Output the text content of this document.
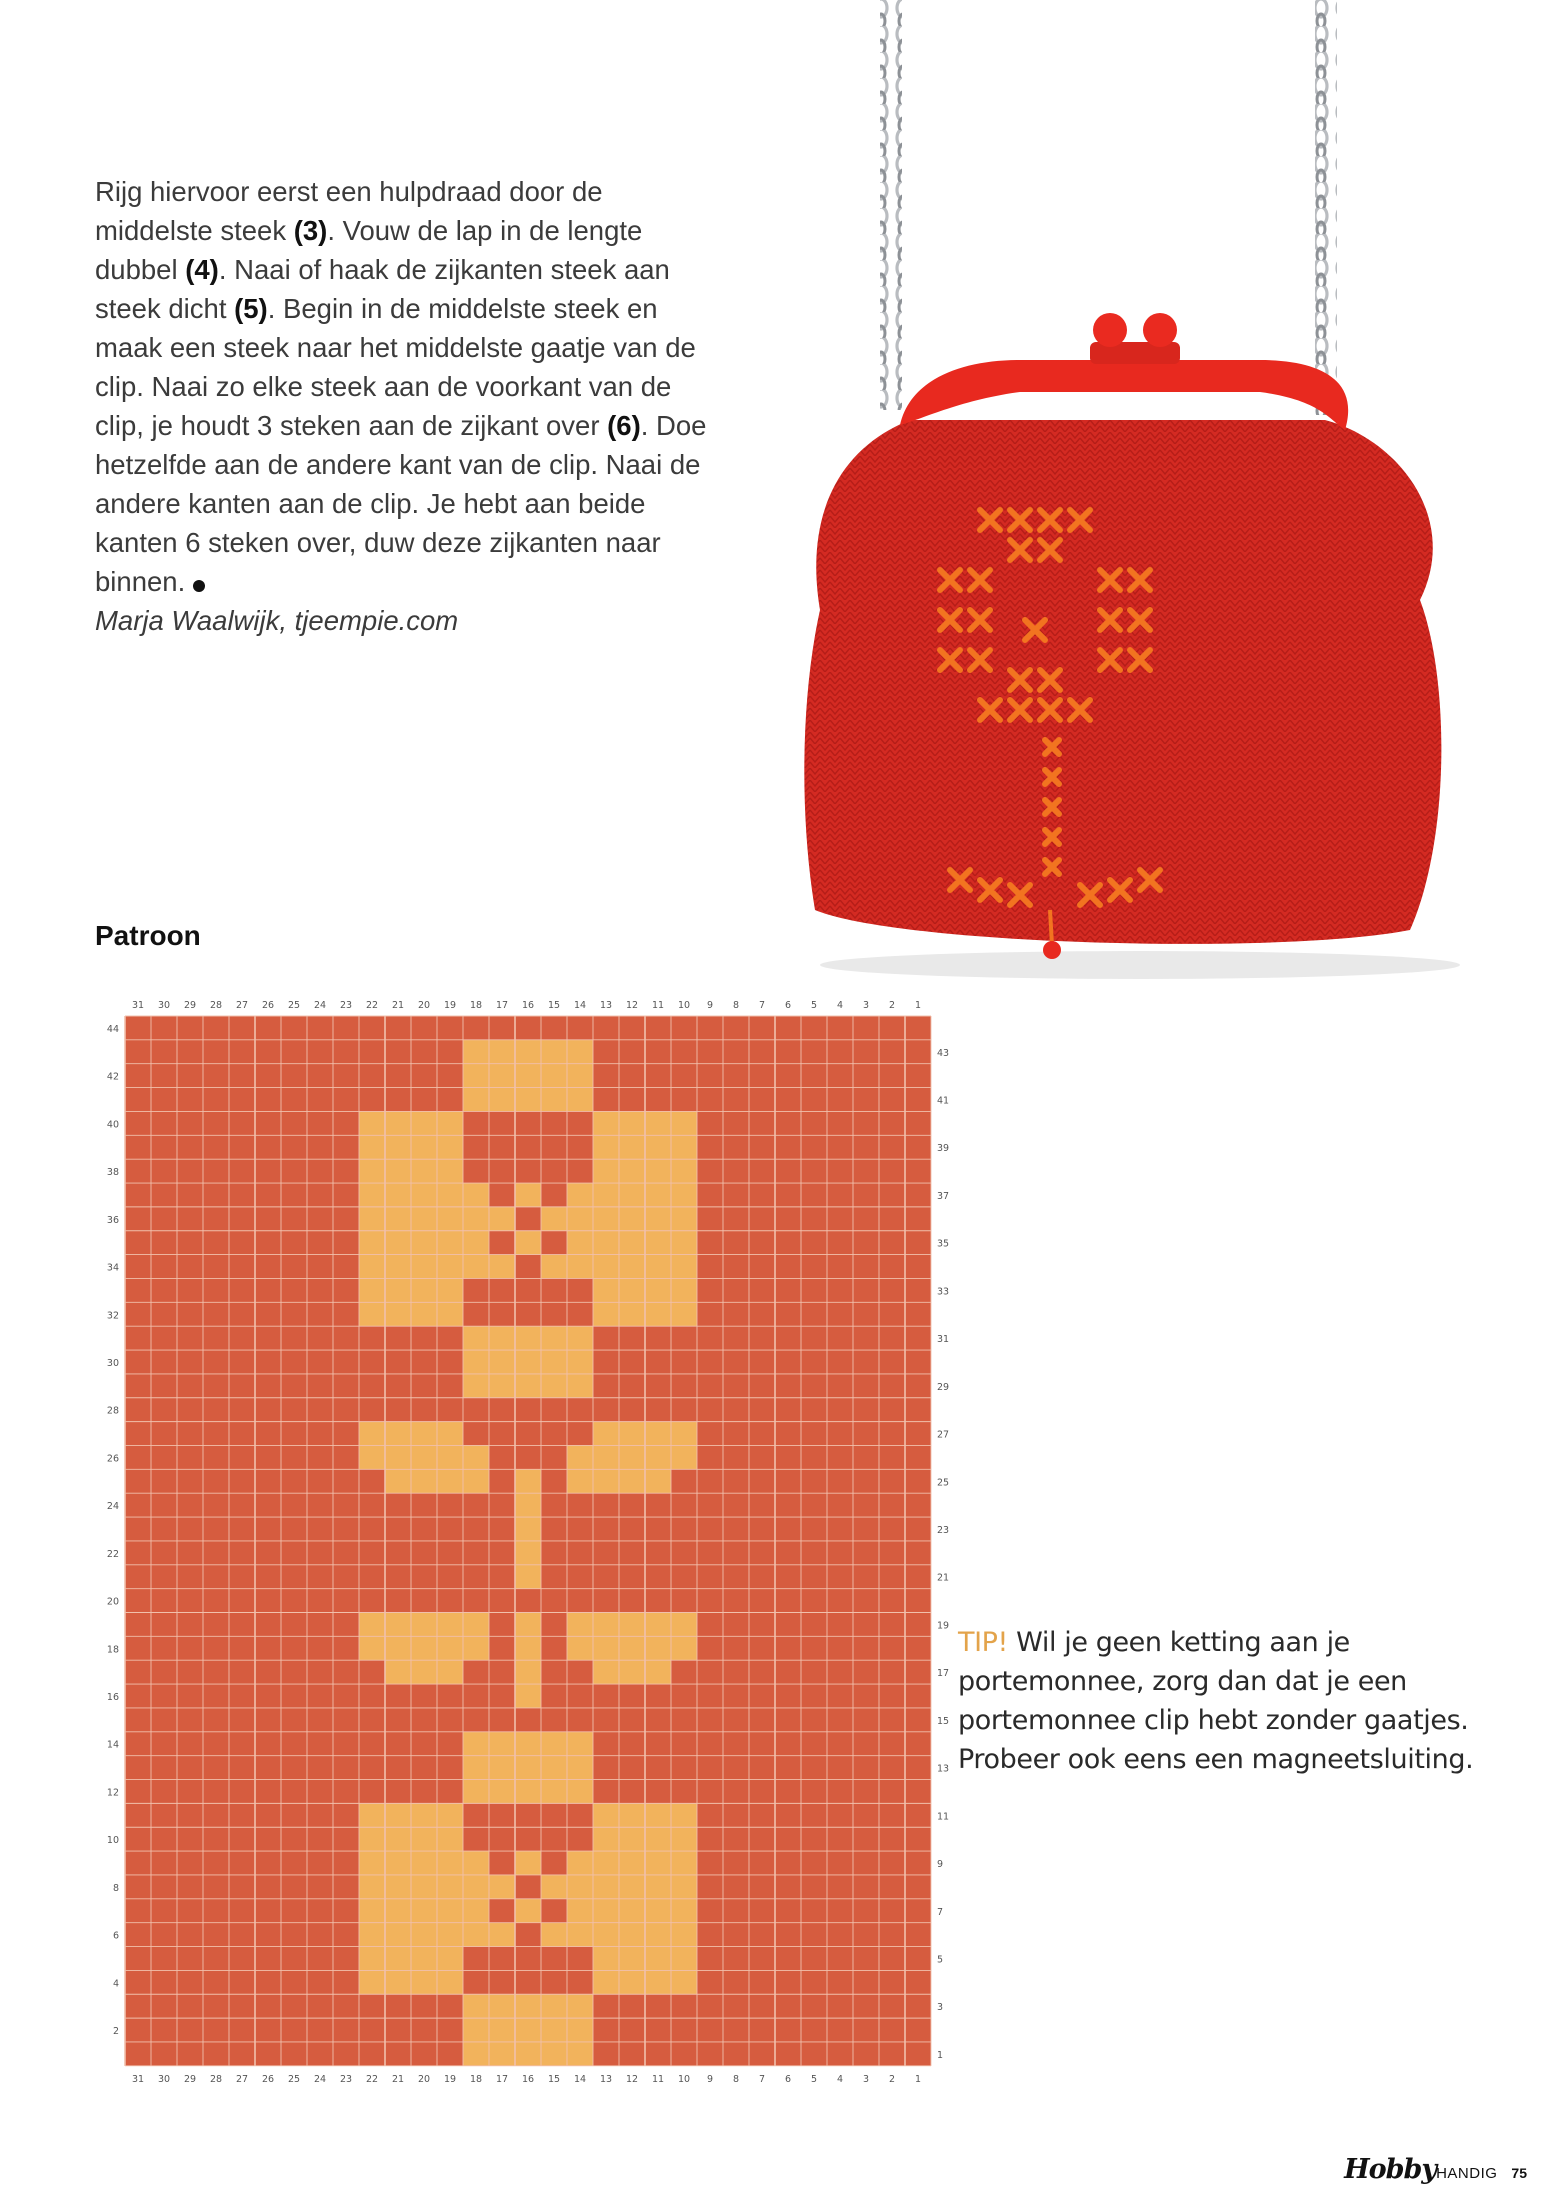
Rijg hiervoor eerst een hulpdraad door de middelste steek (3). Vouw de lap in de lengte dubbel (4). Naai of haak de zijkanten steek aan steek dicht (5). Begin in de middelste steek en maak een steek naar het middelste gaatje van de clip. Naai zo elke steek aan de voorkant van de clip, je houdt 3 steken aan de zijkant over (6). Doe hetzelfde aan de andere kant van de clip. Naai de andere kanten aan de clip. Je hebt aan beide kanten 6 steken over, duw deze zijkanten naar binnen.

Marja Waalwijk, tjeempie.com

Patroon

TIP! Wil je geen ketting aan je portemonnee, zorg dan dat je een portemonnee clip hebt zonder gaatjes. Probeer ook eens een magneetsluiting.

31
31
30
30
29
29
28
28
27
27
26
26
25
25
24
24
23
23
22
22
21
21
20
20
19
19
18
18
17
17
16
16
15
15
14
14
13
13
12
12
11
11
10
10
9
9
8
8
7
7
6
6
5
5
4
4
3
3
2
2
1
1
44
42
40
38
36
34
32
30
28
26
24
22
20
18
16
14
12
10
8
6
4
2
43
41
39
37
35
33
31
29
27
25
23
21
19
17
15
13
11
9
7
5
3
1
Hobby HANDIG 75
